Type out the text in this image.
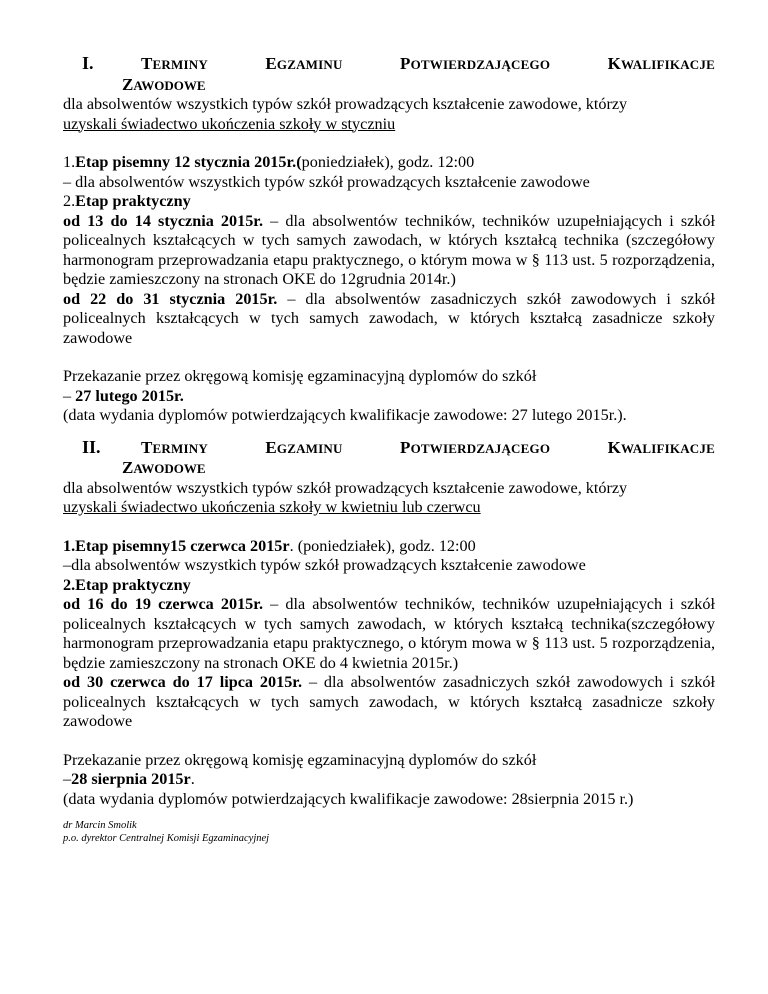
I.	TERMINY	EGZAMINU	POTWIERDZAJĄCEGO	KWALIFIKACJE
ZAWODOWE
dla absolwentów wszystkich typów szkół prowadzących kształcenie zawodowe, którzy
uzyskali świadectwo ukończenia szkoły w styczniu
1.Etap pisemny 12 stycznia 2015r.(poniedziałek), godz. 12:00
– dla absolwentów wszystkich typów szkół prowadzących kształcenie zawodowe
2.Etap praktyczny
od 13 do 14 stycznia 2015r. – dla absolwentów techników, techników uzupełniających i szkół policealnych kształcących w tych samych zawodach, w których kształcą technika (szczegółowy harmonogram przeprowadzania etapu praktycznego, o którym mowa w § 113 ust. 5 rozporządzenia, będzie zamieszczony na stronach OKE do 12grudnia 2014r.)
od 22 do 31 stycznia 2015r. – dla absolwentów zasadniczych szkół zawodowych i szkół policealnych kształcących w tych samych zawodach, w których kształcą zasadnicze szkoły zawodowe
Przekazanie przez okręgową komisję egzaminacyjną dyplomów do szkół
– 27 lutego 2015r.
(data wydania dyplomów potwierdzających kwalifikacje zawodowe: 27 lutego 2015r.).
II.	TERMINY	EGZAMINU	POTWIERDZAJĄCEGO	KWALIFIKACJE
ZAWODOWE
dla absolwentów wszystkich typów szkół prowadzących kształcenie zawodowe, którzy
uzyskali świadectwo ukończenia szkoły w kwietniu lub czerwcu
1.Etap pisemny15 czerwca 2015r. (poniedziałek), godz. 12:00
–dla absolwentów wszystkich typów szkół prowadzących kształcenie zawodowe
2.Etap praktyczny
od 16 do 19 czerwca 2015r. – dla absolwentów techników, techników uzupełniających i szkół policealnych kształcących w tych samych zawodach, w których kształcą technika(szczegółowy harmonogram przeprowadzania etapu praktycznego, o którym mowa w § 113 ust. 5 rozporządzenia, będzie zamieszczony na stronach OKE do 4 kwietnia 2015r.)
od 30 czerwca do 17 lipca 2015r. – dla absolwentów zasadniczych szkół zawodowych i szkół policealnych kształcących w tych samych zawodach, w których kształcą zasadnicze szkoły zawodowe
Przekazanie przez okręgową komisję egzaminacyjną dyplomów do szkół
–28 sierpnia 2015r.
(data wydania dyplomów potwierdzających kwalifikacje zawodowe: 28sierpnia 2015 r.)
dr Marcin Smolik
p.o. dyrektor Centralnej Komisji Egzaminacyjnej
